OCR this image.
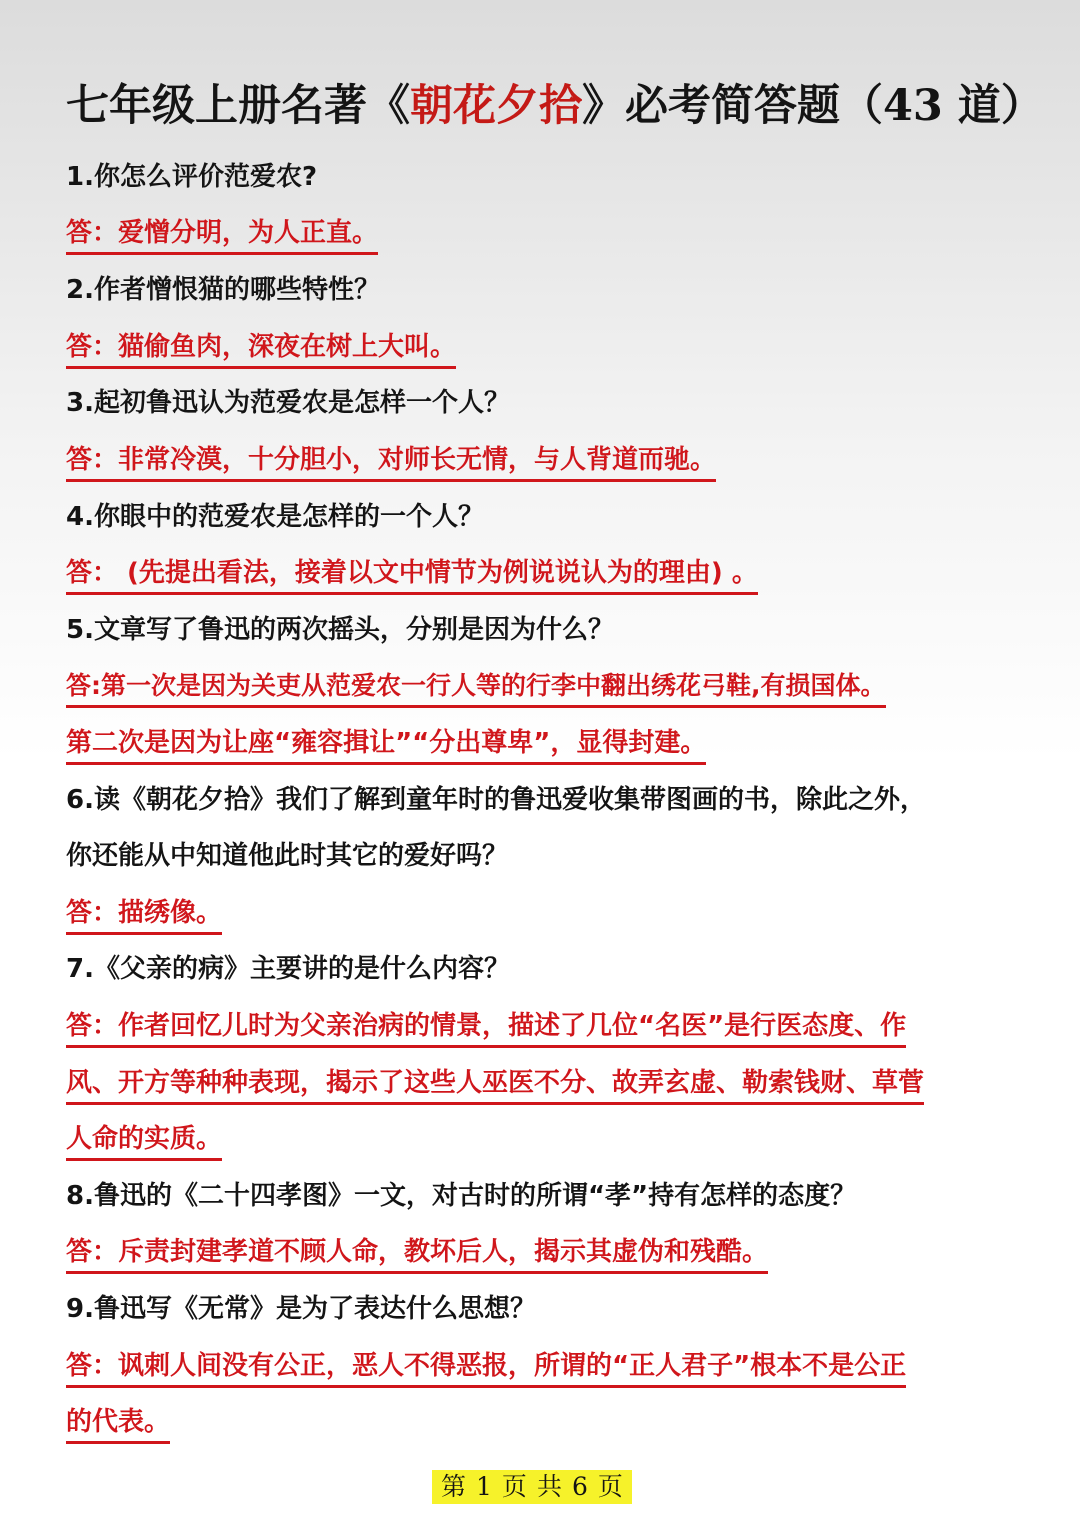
七年级上册名著《朝花夕拾》必考简答题（43 道）
1.你怎么评价范爱农?
答：爱憎分明，为人正直。
2.作者憎恨猫的哪些特性？
答：猫偷鱼肉，深夜在树上大叫。
3.起初鲁迅认为范爱农是怎样一个人？
答：非常冷漠，十分胆小，对师长无情，与人背道而驰。
4.你眼中的范爱农是怎样的一个人？
答： (先提出看法，接着以文中情节为例说说认为的理由) 。
5.文章写了鲁迅的两次摇头，分别是因为什么？
答:第一次是因为关吏从范爱农一行人等的行李中翻出绣花弓鞋,有损国体。
第二次是因为让座“雍容揖让”“分出尊卑”，显得封建。
6.读《朝花夕拾》我们了解到童年时的鲁迅爱收集带图画的书，除此之外，
你还能从中知道他此时其它的爱好吗？
答：描绣像。
7.《父亲的病》主要讲的是什么内容？
答：作者回忆儿时为父亲治病的情景，描述了几位“名医”是行医态度、作
风、开方等种种表现，揭示了这些人巫医不分、故弄玄虚、勒索钱财、草菅
人命的实质。
8.鲁迅的《二十四孝图》一文，对古时的所谓“孝”持有怎样的态度？
答：斥责封建孝道不顾人命，教坏后人，揭示其虚伪和残酷。
9.鲁迅写《无常》是为了表达什么思想？
答：讽刺人间没有公正，恶人不得恶报，所谓的“正人君子”根本不是公正
的代表。
第 1 页 共 6 页
